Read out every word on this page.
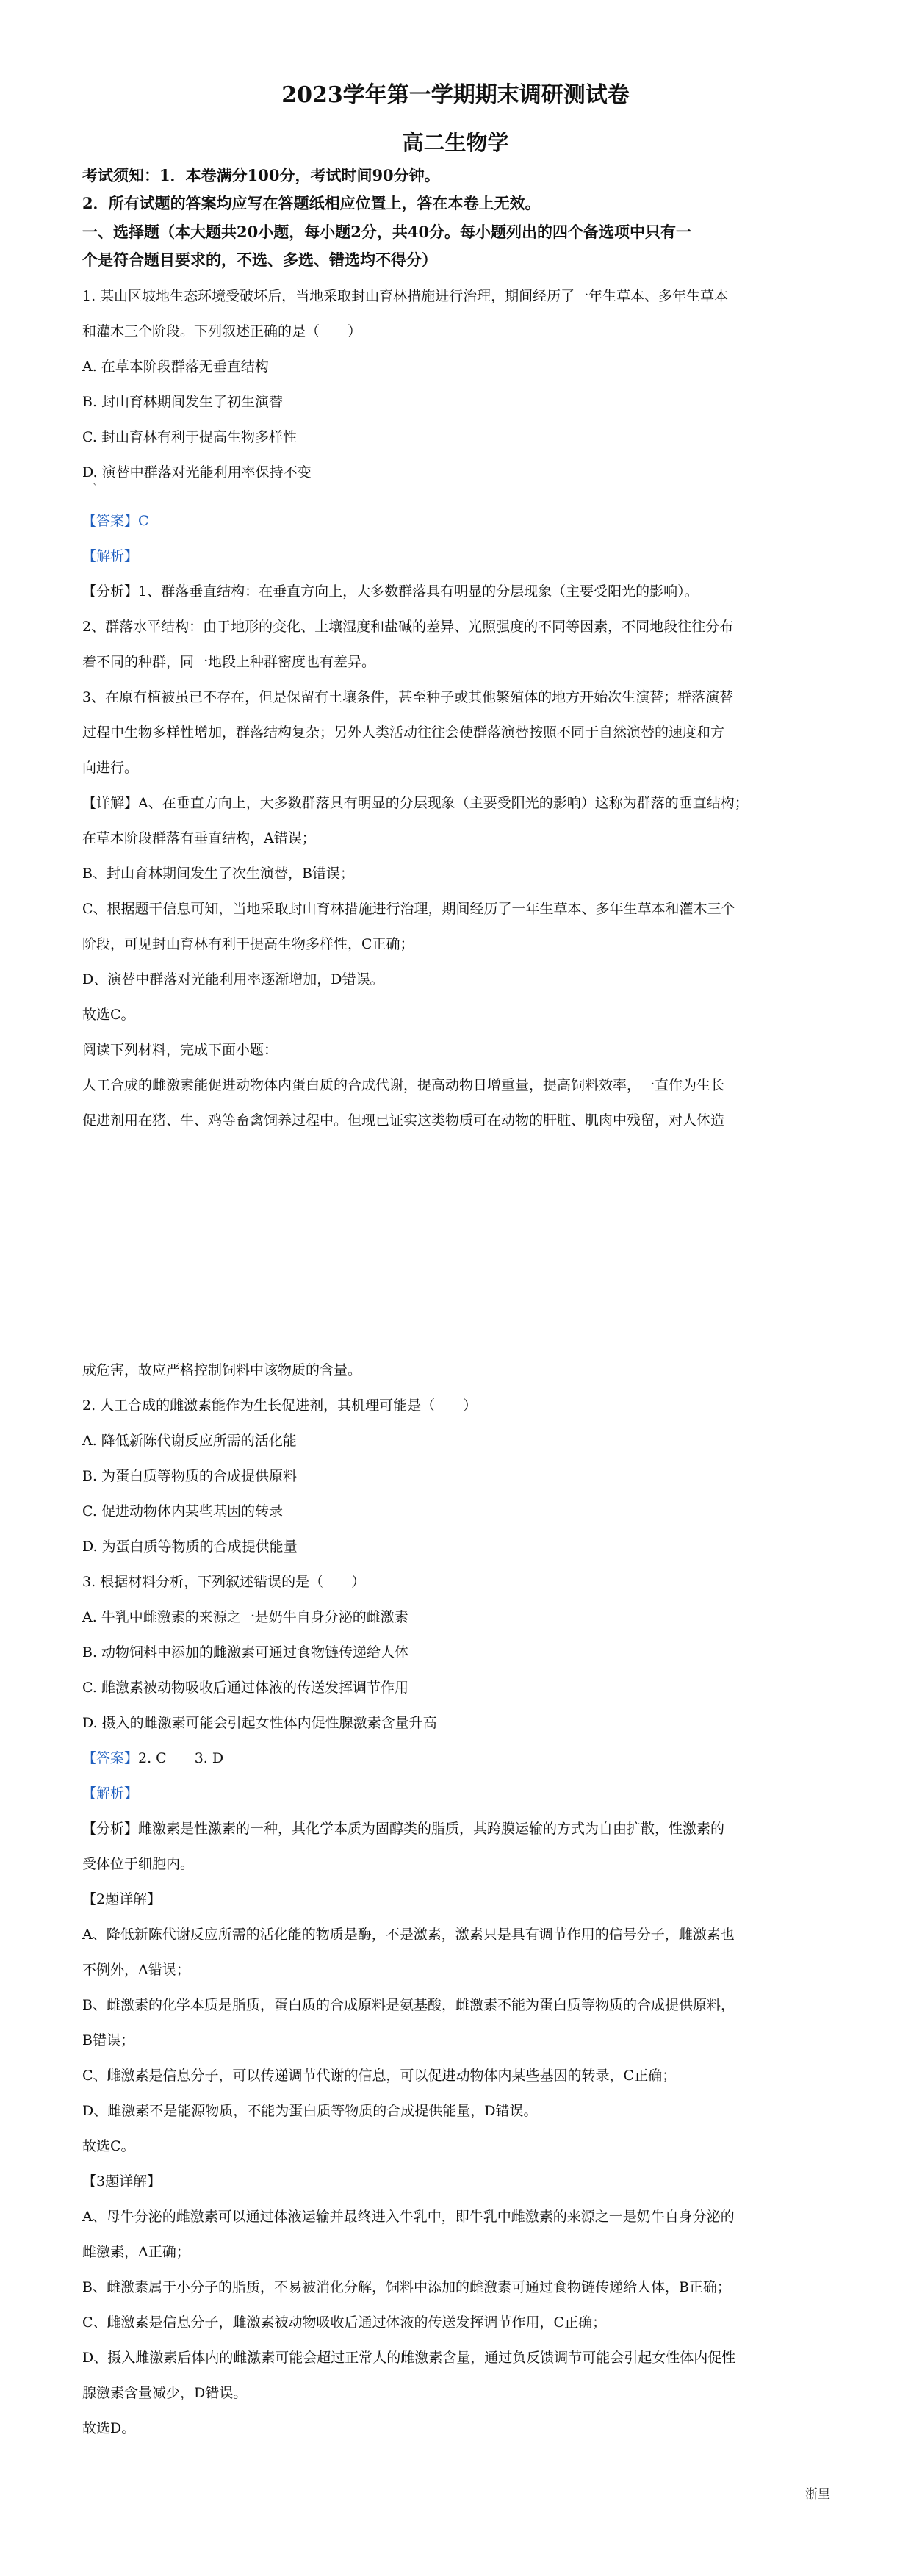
2023学年第一学期期末调研测试卷
高二生物学
考试须知：1．本卷满分100分，考试时间90分钟。
2．所有试题的答案均应写在答题纸相应位置上，答在本卷上无效。
一、选择题（本大题共20小题，每小题2分，共40分。每小题列出的四个备选项中只有一
个是符合题目要求的，不选、多选、错选均不得分）
1. 某山区坡地生态环境受破坏后，当地采取封山育林措施进行治理，期间经历了一年生草本、多年生草本
和灌木三个阶段。下列叙述正确的是（　　）
A. 在草本阶段群落无垂直结构
B. 封山育林期间发生了初生演替
C. 封山育林有利于提高生物多样性
D. 演替中群落对光能利用率保持不变
`
【答案】C
【解析】
【分析】1、群落垂直结构：在垂直方向上，大多数群落具有明显的分层现象（主要受阳光的影响）。
2、群落水平结构：由于地形的变化、土壤湿度和盐碱的差异、光照强度的不同等因素，不同地段往往分布
着不同的种群，同一地段上种群密度也有差异。
3、在原有植被虽已不存在，但是保留有土壤条件，甚至种子或其他繁殖体的地方开始次生演替；群落演替
过程中生物多样性增加，群落结构复杂；另外人类活动往往会使群落演替按照不同于自然演替的速度和方
向进行。
【详解】A、在垂直方向上，大多数群落具有明显的分层现象（主要受阳光的影响）这称为群落的垂直结构；
在草本阶段群落有垂直结构，A错误；
B、封山育林期间发生了次生演替，B错误；
C、根据题干信息可知，当地采取封山育林措施进行治理，期间经历了一年生草本、多年生草本和灌木三个
阶段，可见封山育林有利于提高生物多样性，C正确；
D、演替中群落对光能利用率逐渐增加，D错误。
故选C。
阅读下列材料，完成下面小题：
人工合成的雌激素能促进动物体内蛋白质的合成代谢，提高动物日增重量，提高饲料效率，一直作为生长
促进剂用在猪、牛、鸡等畜禽饲养过程中。但现已证实这类物质可在动物的肝脏、肌肉中残留，对人体造
成危害，故应严格控制饲料中该物质的含量。
2. 人工合成的雌激素能作为生长促进剂，其机理可能是（　　）
A. 降低新陈代谢反应所需的活化能
B. 为蛋白质等物质的合成提供原料
C. 促进动物体内某些基因的转录
D. 为蛋白质等物质的合成提供能量
3. 根据材料分析，下列叙述错误的是（　　）
A. 牛乳中雌激素的来源之一是奶牛自身分泌的雌激素
B. 动物饲料中添加的雌激素可通过食物链传递给人体
C. 雌激素被动物吸收后通过体液的传送发挥调节作用
D. 摄入的雌激素可能会引起女性体内促性腺激素含量升高
【答案】2. C　　3. D
【解析】
【分析】雌激素是性激素的一种，其化学本质为固醇类的脂质，其跨膜运输的方式为自由扩散，性激素的
受体位于细胞内。
【2题详解】
A、降低新陈代谢反应所需的活化能的物质是酶，不是激素，激素只是具有调节作用的信号分子，雌激素也
不例外，A错误；
B、雌激素的化学本质是脂质，蛋白质的合成原料是氨基酸，雌激素不能为蛋白质等物质的合成提供原料，
B错误；
C、雌激素是信息分子，可以传递调节代谢的信息，可以促进动物体内某些基因的转录，C正确；
D、雌激素不是能源物质，不能为蛋白质等物质的合成提供能量，D错误。
故选C。
【3题详解】
A、母牛分泌的雌激素可以通过体液运输并最终进入牛乳中，即牛乳中雌激素的来源之一是奶牛自身分泌的
雌激素，A正确；
B、雌激素属于小分子的脂质，不易被消化分解，饲料中添加的雌激素可通过食物链传递给人体，B正确；
C、雌激素是信息分子，雌激素被动物吸收后通过体液的传送发挥调节作用，C正确；
D、摄入雌激素后体内的雌激素可能会超过正常人的雌激素含量，通过负反馈调节可能会引起女性体内促性
腺激素含量减少，D错误。
故选D。
浙里
